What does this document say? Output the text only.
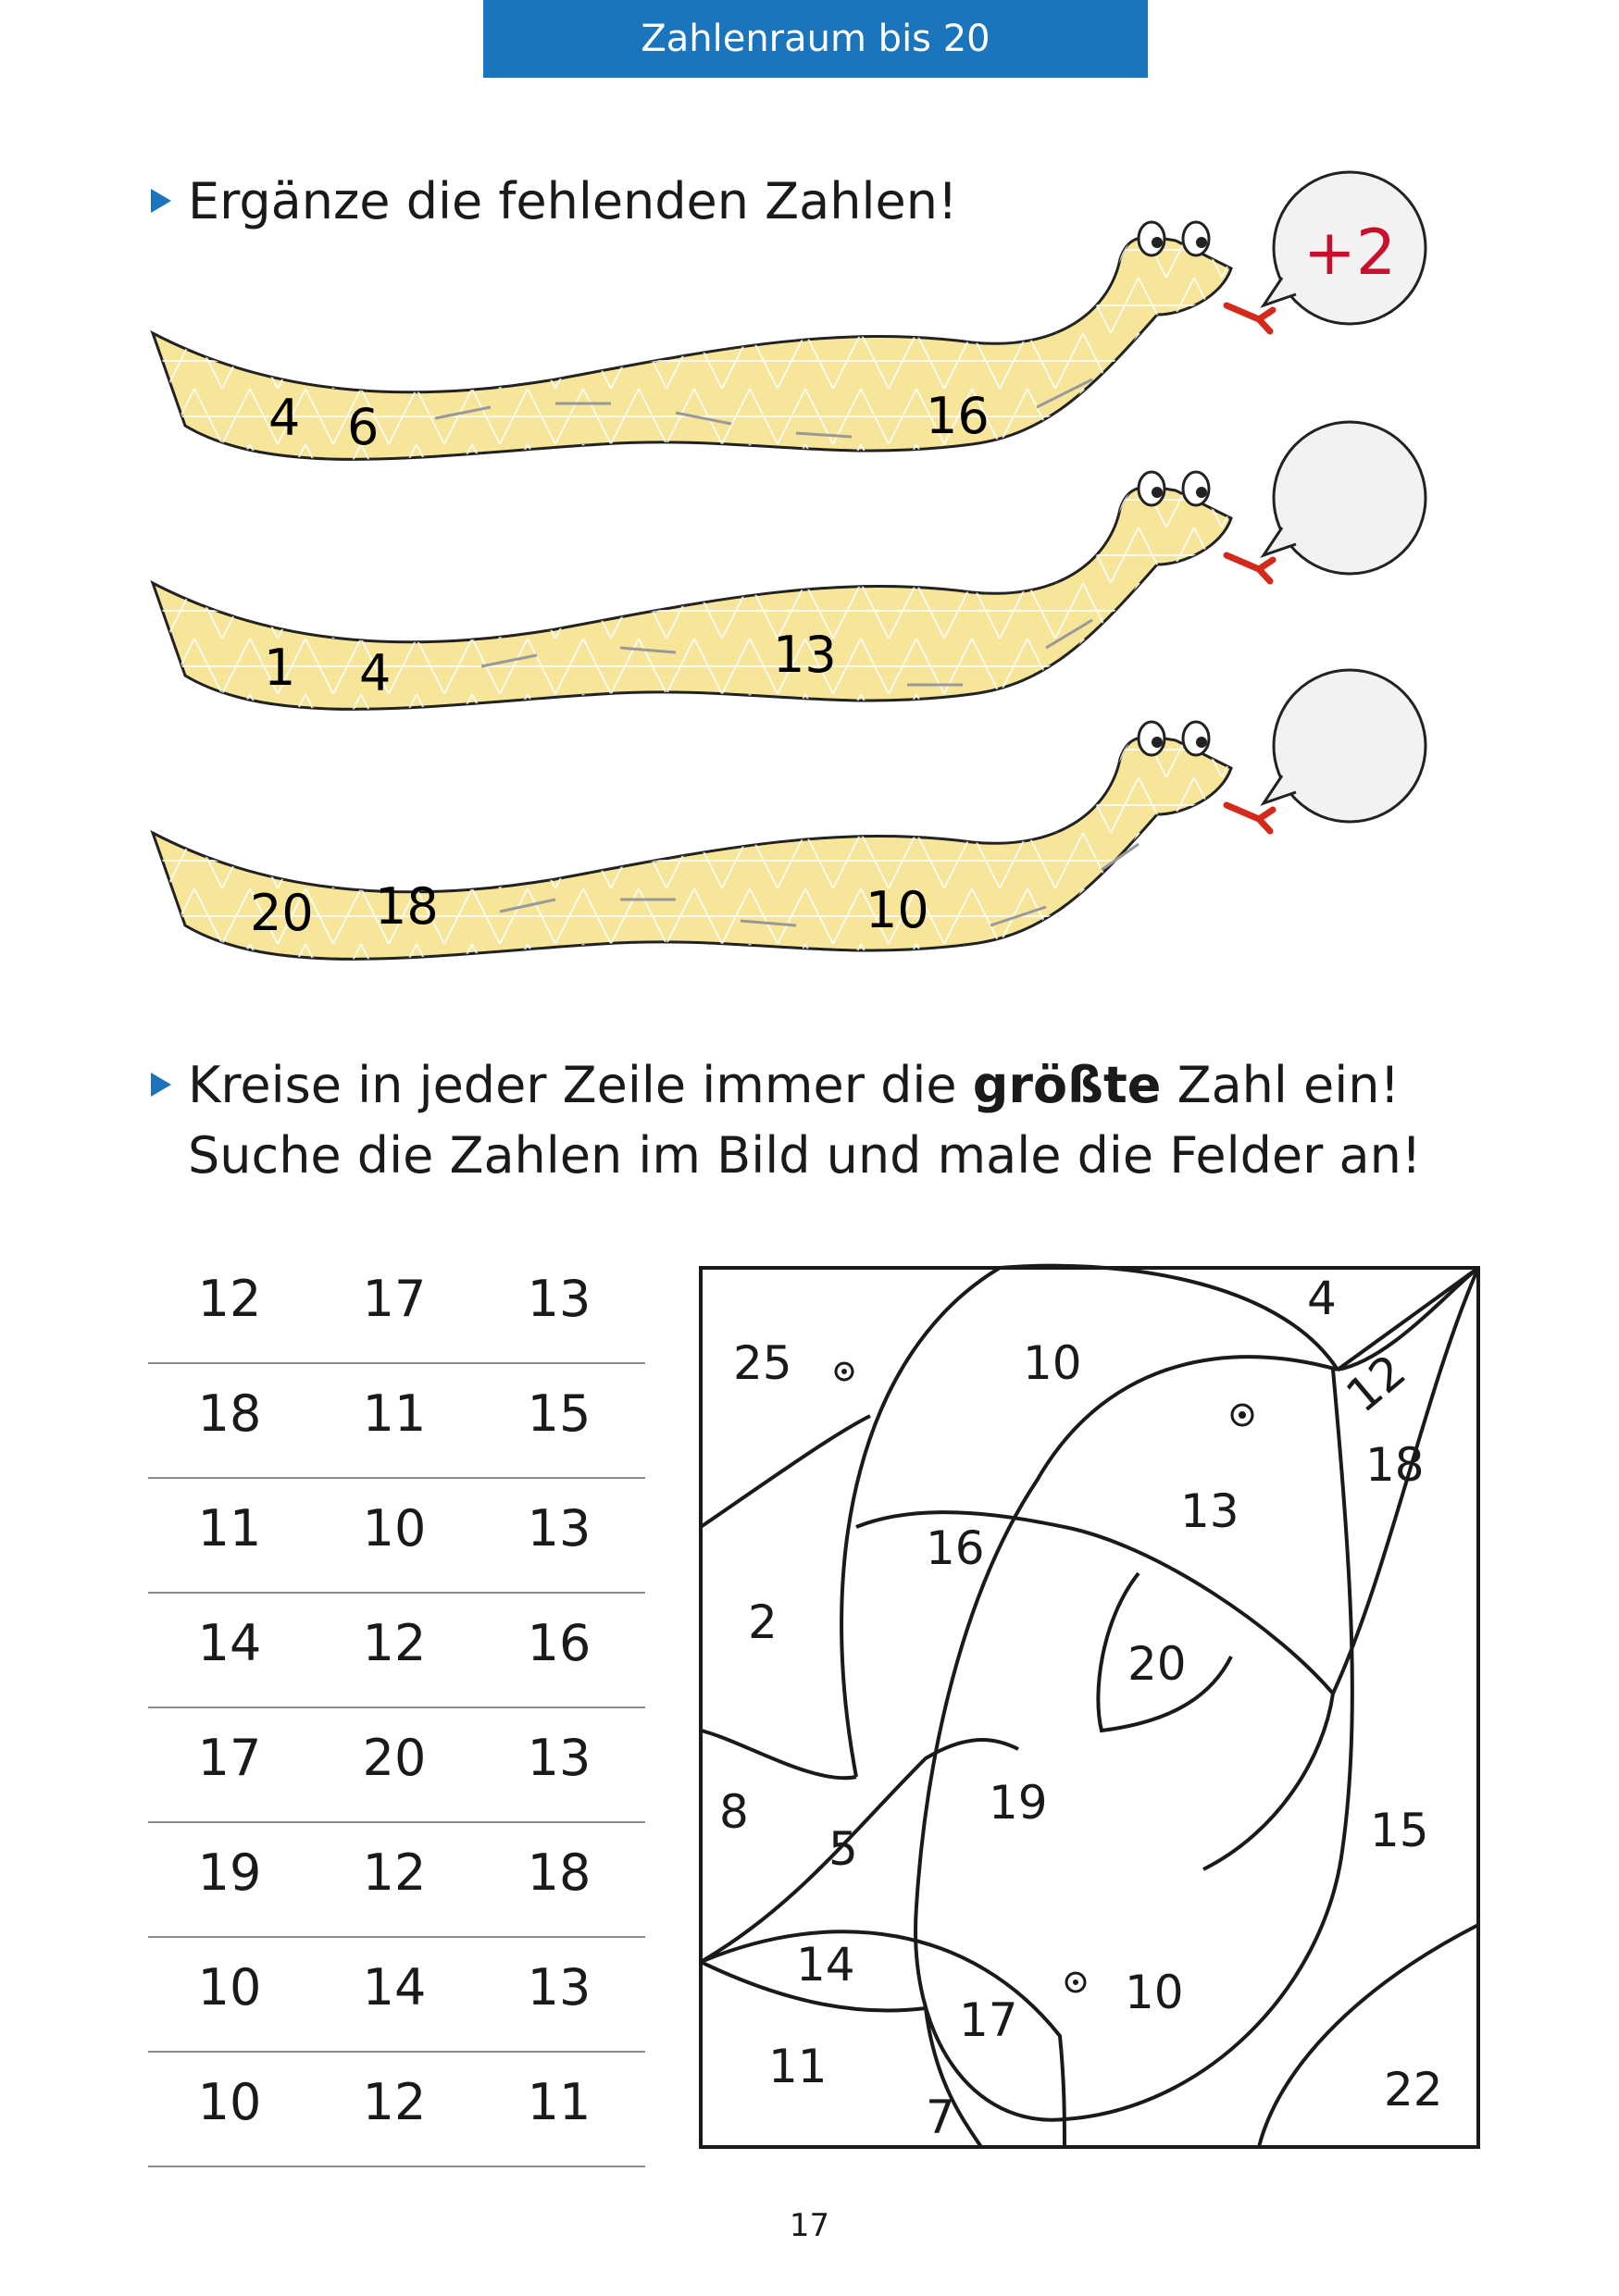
Zahlenraum bis 20
Ergänze die fehlenden Zahlen!
+2
4 6	16
1 4	13
20 18	10
Kreise in jeder Zeile immer die größte Zahl ein!
Suche die Zahlen im Bild und male die Felder an!
12	17	13
18	11	15
11	10	13
14	12	16
17	20	13
19	12	18
10	14	13
10	12	11
25	10
4
12
18
13
16
2
20
8
5
19
15
14
17
10
11
7
22
17
